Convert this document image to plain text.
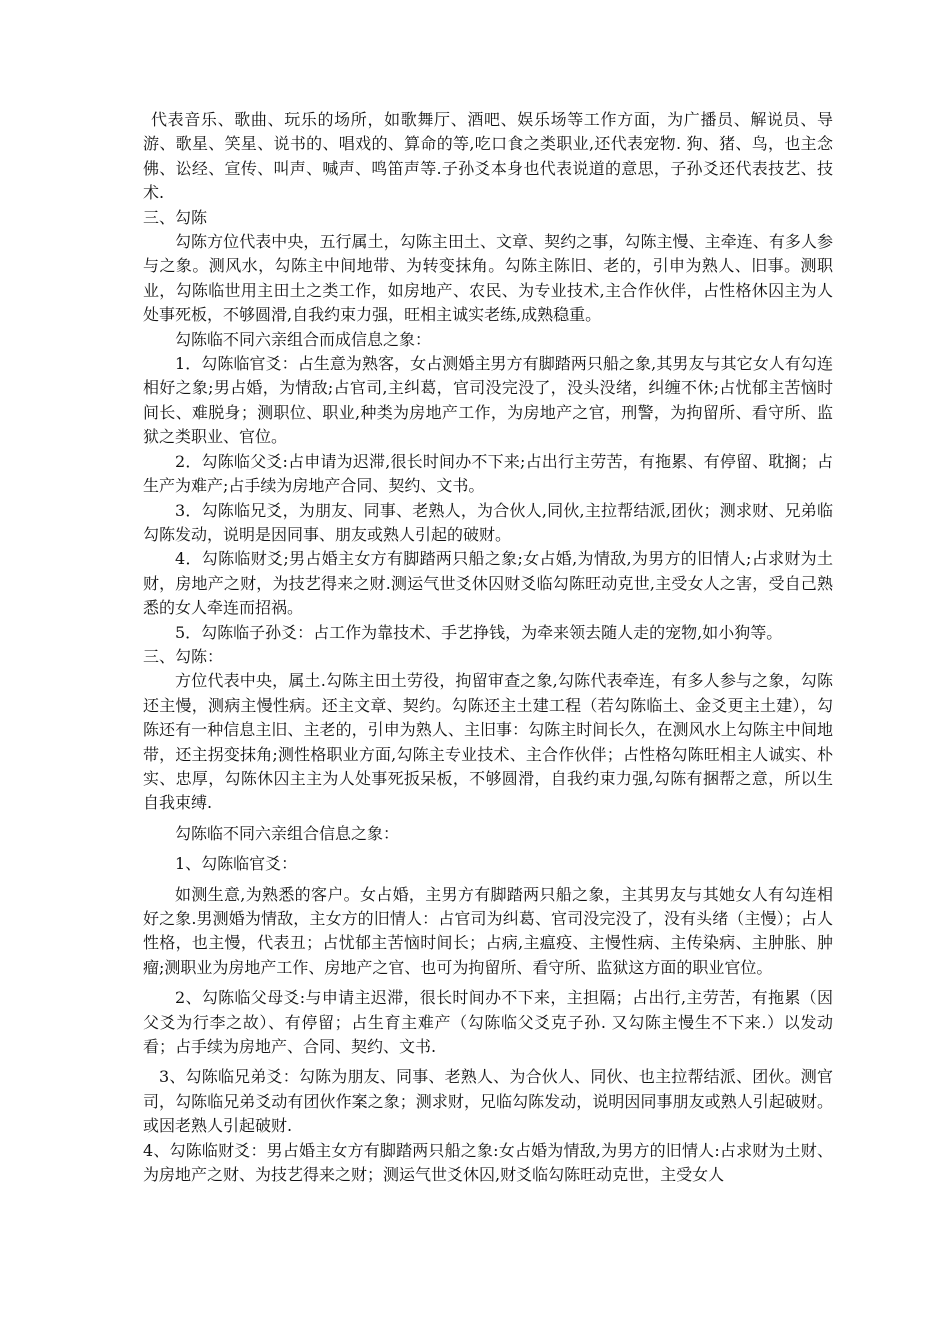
代表音乐、歌曲、玩乐的场所，如歌舞厅、酒吧、娱乐场等工作方面，为广播员、解说员、导游、歌星、笑星、说书的、唱戏的、算命的等,吃口食之类职业,还代表宠物. 狗、猪、鸟，也主念佛、讼经、宣传、叫声、喊声、鸣笛声等.子孙爻本身也代表说道的意思，子孙爻还代表技艺、技术.

三、勾陈

勾陈方位代表中央，五行属土，勾陈主田土、文章、契约之事，勾陈主慢、主牵连、有多人参与之象。测风水，勾陈主中间地带、为转变抹角。勾陈主陈旧、老的，引申为熟人、旧事。测职业，勾陈临世用主田土之类工作，如房地产、农民、为专业技术,主合作伙伴，占性格休囚主为人处事死板，不够圆滑,自我约束力强，旺相主诚实老练,成熟稳重。

勾陈临不同六亲组合而成信息之象：

1．勾陈临官爻：占生意为熟客，女占测婚主男方有脚踏两只船之象,其男友与其它女人有勾连相好之象;男占婚，为情敌;占官司,主纠葛，官司没完没了，没头没绪，纠缠不休;占忧郁主苦恼时间长、难脱身；测职位、职业,种类为房地产工作，为房地产之官，刑警，为拘留所、看守所、监狱之类职业、官位。

2．勾陈临父爻:占申请为迟滞,很长时间办不下来;占出行主劳苦，有拖累、有停留、耽搁；占生产为难产;占手续为房地产合同、契约、文书。

3．勾陈临兄爻，为朋友、同事、老熟人，为合伙人,同伙,主拉帮结派,团伙；测求财、兄弟临勾陈发动，说明是因同事、朋友或熟人引起的破财。

4．勾陈临财爻;男占婚主女方有脚踏两只船之象;女占婚,为情敌,为男方的旧情人;占求财为土财，房地产之财，为技艺得来之财.测运气世爻休囚财爻临勾陈旺动克世,主受女人之害，受自己熟悉的女人牵连而招祸。

5．勾陈临子孙爻：占工作为靠技术、手艺挣钱，为牵来领去随人走的宠物,如小狗等。

三、勾陈：

方位代表中央，属土.勾陈主田土劳役，拘留审查之象,勾陈代表牵连，有多人参与之象，勾陈还主慢，测病主慢性病。还主文章、契约。勾陈还主土建工程（若勾陈临土、金爻更主土建），勾陈还有一种信息主旧、主老的，引申为熟人、主旧事：勾陈主时间长久，在测风水上勾陈主中间地带，还主拐变抹角;测性格职业方面,勾陈主专业技术、主合作伙伴；占性格勾陈旺相主人诚实、朴实、忠厚，勾陈休囚主主为人处事死扳呆板，不够圆滑，自我约束力强,勾陈有捆帮之意，所以生自我束缚.

勾陈临不同六亲组合信息之象：

1、勾陈临官爻：

如测生意,为熟悉的客户。女占婚，主男方有脚踏两只船之象，主其男友与其她女人有勾连相好之象.男测婚为情敌，主女方的旧情人：占官司为纠葛、官司没完没了，没有头绪（主慢）；占人性格，也主慢，代表丑；占忧郁主苦恼时间长；占病,主瘟疫、主慢性病、主传染病、主肿胀、肿瘤;测职业为房地产工作、房地产之官、也可为拘留所、看守所、监狱这方面的职业官位。

2、勾陈临父母爻:与申请主迟滞，很长时间办不下来，主担隔；占出行,主劳苦，有拖累（因父爻为行李之故）、有停留；占生育主难产（勾陈临父爻克子孙. 又勾陈主慢生不下来.）以发动看；占手续为房地产、合同、契约、文书.

3、勾陈临兄弟爻：勾陈为朋友、同事、老熟人、为合伙人、同伙、也主拉帮结派、团伙。测官司，勾陈临兄弟爻动有团伙作案之象；测求财，兄临勾陈发动，说明因同事朋友或熟人引起破财。或因老熟人引起破财.

4、勾陈临财爻：男占婚主女方有脚踏两只船之象:女占婚为情敌,为男方的旧情人:占求财为土财、为房地产之财、为技艺得来之财；测运气世爻休囚,财爻临勾陈旺动克世，主受女人
